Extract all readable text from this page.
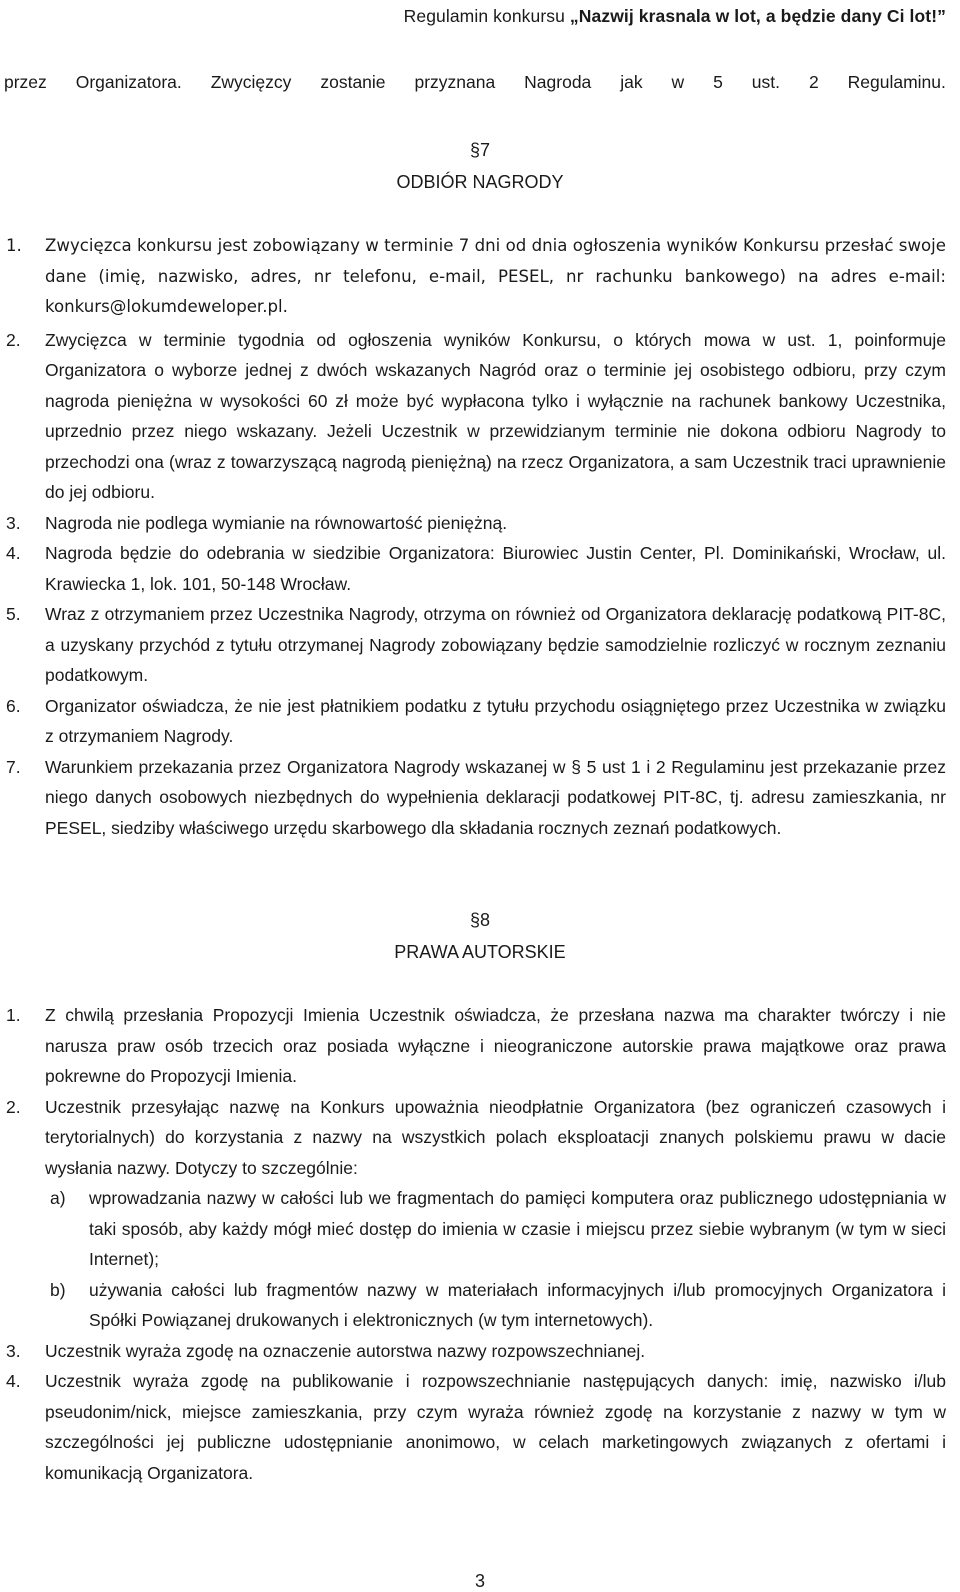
Regulamin konkursu „Nazwij krasnala w lot, a będzie dany Ci lot!”
przez Organizatora. Zwycięzcy zostanie przyznana Nagroda jak w 5 ust. 2 Regulaminu.
§7
ODBIÓR NAGRODY
1. Zwycięzca konkursu jest zobowiązany w terminie 7 dni od dnia ogłoszenia wyników Konkursu przesłać swoje dane (imię, nazwisko, adres, nr telefonu, e-mail, PESEL, nr rachunku bankowego) na adres e-mail: konkurs@lokumdeweloper.pl.
2. Zwycięzca w terminie tygodnia od ogłoszenia wyników Konkursu, o których mowa w ust. 1, poinformuje Organizatora o wyborze jednej z dwóch wskazanych Nagród oraz o terminie jej osobistego odbioru, przy czym nagroda pieniężna w wysokości 60 zł może być wypłacona tylko i wyłącznie na rachunek bankowy Uczestnika, uprzednio przez niego wskazany. Jeżeli Uczestnik w przewidzianym terminie nie dokona odbioru Nagrody to przechodzi ona (wraz z towarzyszącą nagrodą pieniężną) na rzecz Organizatora, a sam Uczestnik traci uprawnienie do jej odbioru.
3. Nagroda nie podlega wymianie na równowartość pieniężną.
4. Nagroda będzie do odebrania w siedzibie Organizatora: Biurowiec Justin Center, Pl. Dominikański, Wrocław, ul. Krawiecka 1, lok. 101, 50-148 Wrocław.
5. Wraz z otrzymaniem przez Uczestnika Nagrody, otrzyma on również od Organizatora deklarację podatkową PIT-8C, a uzyskany przychód z tytułu otrzymanej Nagrody zobowiązany będzie samodzielnie rozliczyć w rocznym zeznaniu podatkowym.
6. Organizator oświadcza, że nie jest płatnikiem podatku z tytułu przychodu osiągniętego przez Uczestnika w związku z otrzymaniem Nagrody.
7. Warunkiem przekazania przez Organizatora Nagrody wskazanej w § 5 ust 1 i 2 Regulaminu jest przekazanie przez niego danych osobowych niezbędnych do wypełnienia deklaracji podatkowej PIT-8C, tj. adresu zamieszkania, nr PESEL, siedziby właściwego urzędu skarbowego dla składania rocznych zeznań podatkowych.
§8
PRAWA AUTORSKIE
1. Z chwilą przesłania Propozycji Imienia Uczestnik oświadcza, że przesłana nazwa ma charakter twórczy i nie narusza praw osób trzecich oraz posiada wyłączne i nieograniczone autorskie prawa majątkowe oraz prawa pokrewne do Propozycji Imienia.
2. Uczestnik przesyłając nazwę na Konkurs upoważnia nieodpłatnie Organizatora (bez ograniczeń czasowych i terytorialnych) do korzystania z nazwy na wszystkich polach eksploatacji znanych polskiemu prawu w dacie wysłania nazwy. Dotyczy to szczególnie:
a) wprowadzania nazwy w całości lub we fragmentach do pamięci komputera oraz publicznego udostępniania w taki sposób, aby każdy mógł mieć dostęp do imienia w czasie i miejscu przez siebie wybranym (w tym w sieci Internet);
b) używania całości lub fragmentów nazwy w materiałach informacyjnych i/lub promocyjnych Organizatora i Spółki Powiązanej drukowanych i elektronicznych (w tym internetowych).
3. Uczestnik wyraża zgodę na oznaczenie autorstwa nazwy rozpowszechnianej.
4. Uczestnik wyraża zgodę na publikowanie i rozpowszechnianie następujących danych: imię, nazwisko i/lub pseudonim/nick, miejsce zamieszkania, przy czym wyraża również zgodę na korzystanie z nazwy w tym w szczególności jej publiczne udostępnianie anonimowo, w celach marketingowych związanych z ofertami i komunikacją Organizatora.
3
